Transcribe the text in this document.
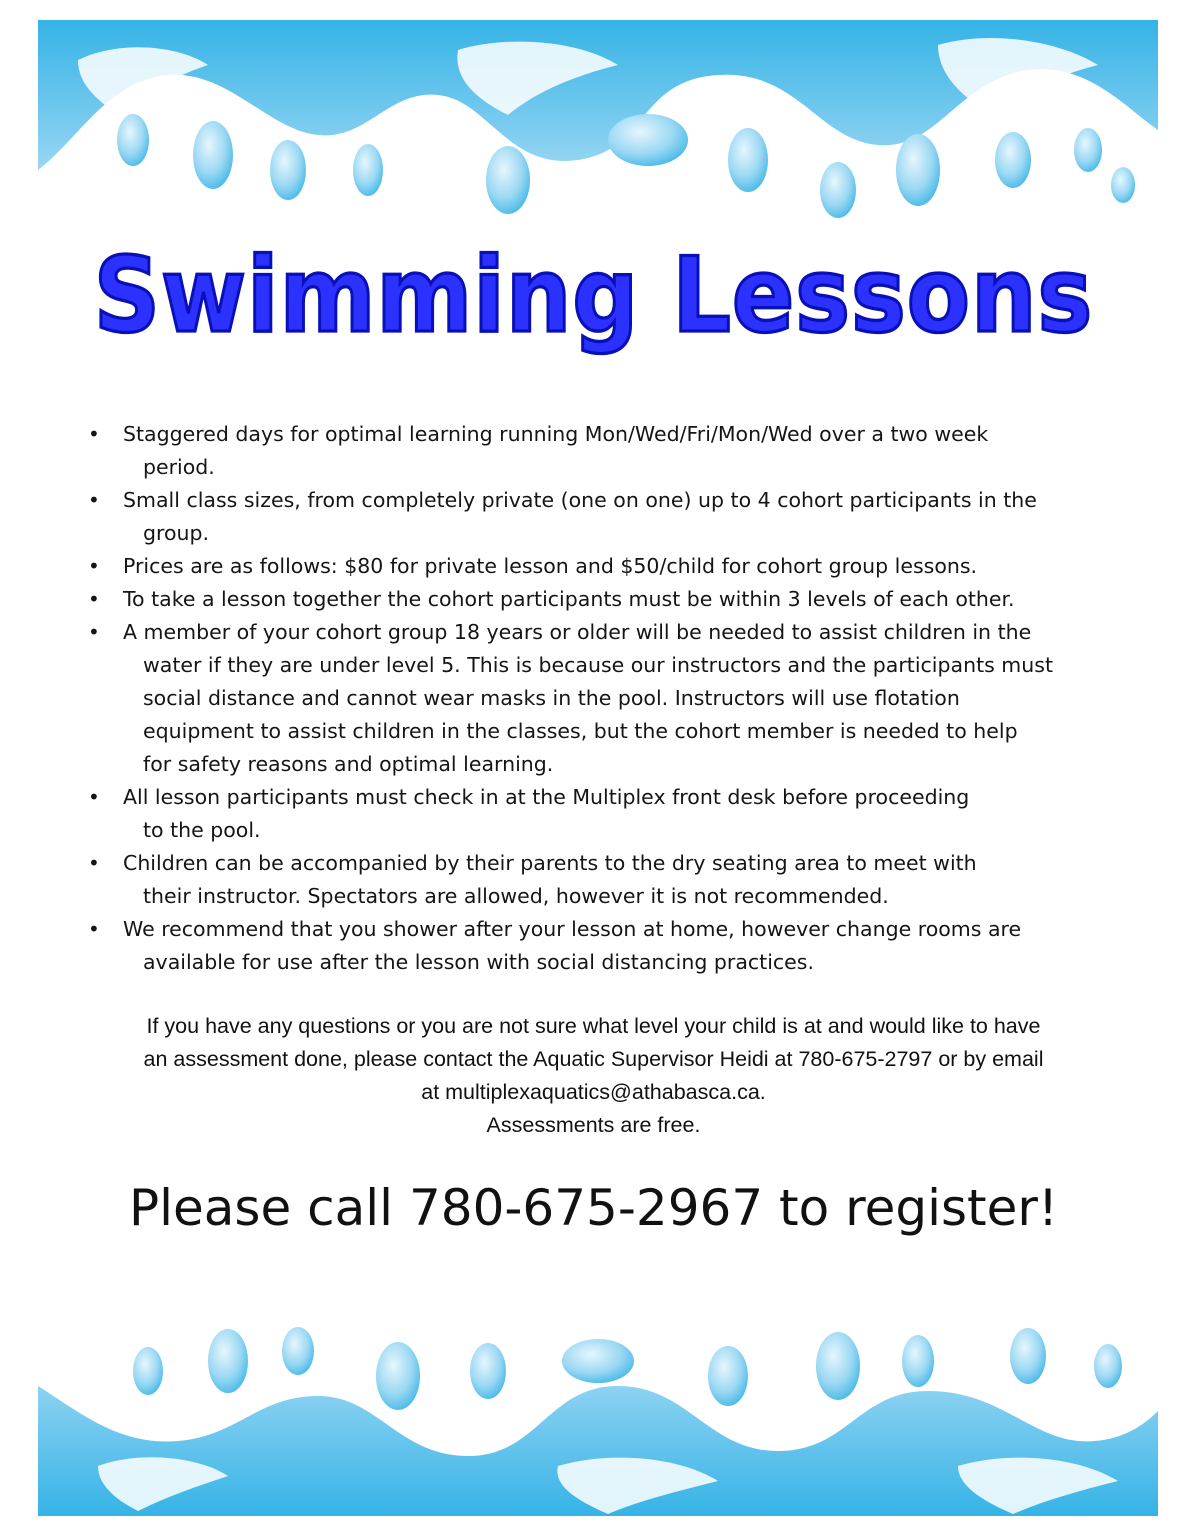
Swimming Lessons
• Staggered days for optimal learning running Mon/Wed/Fri/Mon/Wed over a two week
period.
• Small class sizes, from completely private (one on one) up to 4 cohort participants in the
group.
• Prices are as follows: $80 for private lesson and $50/child for cohort group lessons.
• To take a lesson together the cohort participants must be within 3 levels of each other.
• A member of your cohort group 18 years or older will be needed to assist children in the
water if they are under level 5. This is because our instructors and the participants must
social distance and cannot wear masks in the pool. Instructors will use flotation
equipment to assist children in the classes, but the cohort member is needed to help
for safety reasons and optimal learning.
• All lesson participants must check in at the Multiplex front desk before proceeding
to the pool.
• Children can be accompanied by their parents to the dry seating area to meet with
their instructor. Spectators are allowed, however it is not recommended.
• We recommend that you shower after your lesson at home, however change rooms are
available for use after the lesson with social distancing practices.

If you have any questions or you are not sure what level your child is at and would like to have

an assessment done, please contact the Aquatic Supervisor Heidi at 780-675-2797 or by email

at multiplexaquatics@athabasca.ca.

Assessments are free.

Please call 780-675-2967 to register!
